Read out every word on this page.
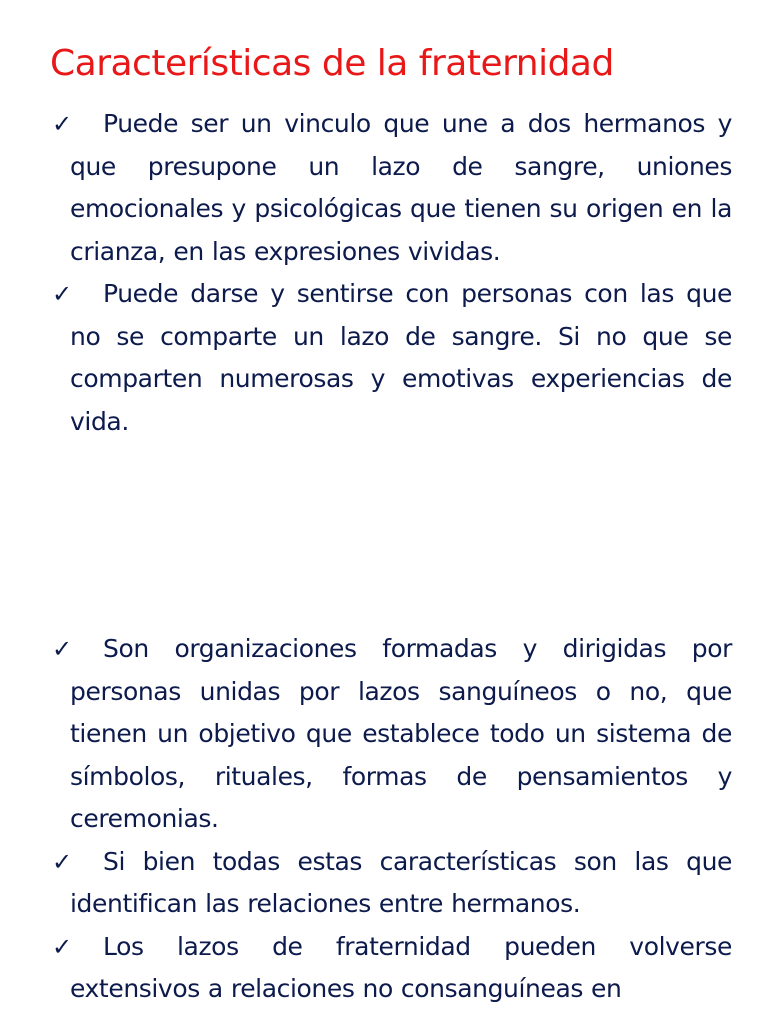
Características de la fraternidad
✓	Puede ser un vinculo que une a dos hermanos y que presupone un lazo de sangre, uniones emocionales y psicológicas que tienen su origen en la crianza, en las expresiones vividas.
✓	Puede darse y sentirse con personas con las que no se comparte un lazo de sangre. Si no que se comparten numerosas y emotivas experiencias de vida.
✓	Son organizaciones formadas y dirigidas por personas unidas por lazos sanguíneos o no, que tienen un objetivo que establece todo un sistema de símbolos, rituales, formas de pensamientos y ceremonias.
✓	Si bien todas estas características son las que identifican las relaciones entre hermanos.
✓	Los lazos de fraternidad pueden volverse extensivos a relaciones no consanguíneas en
